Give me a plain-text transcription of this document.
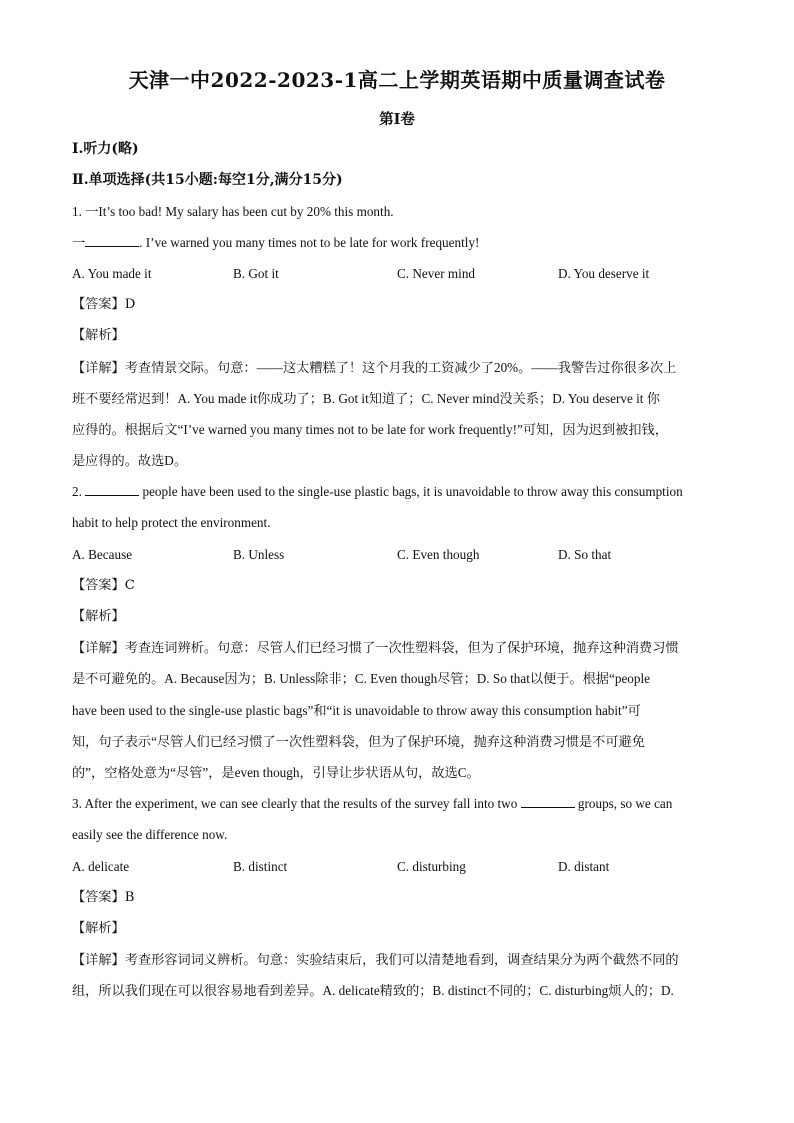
天津一中2022-2023-1高二上学期英语期中质量调查试卷
第I卷
Ⅰ.听力(略)
Ⅱ.单项选择(共15小题:每空1分,满分15分)
1. 一It’s too bad! My salary has been cut by 20% this month.
一	. I’ve warned you many times not to be late for work frequently!
A. You made it	B. Got it	C. Never mind	D. You deserve it
【答案】D
【解析】
【详解】考查情景交际。句意：——这太糟糕了！这个月我的工资减少了20%。——我警告过你很多次上
班不要经常迟到！A. You made it你成功了；B. Got it知道了；C. Never mind没关系；D. You deserve it 你
应得的。根据后文“I’ve warned you many times not to be late for work frequently!”可知，因为迟到被扣钱，
是应得的。故选D。
2.	people have been used to the single-use plastic bags, it is unavoidable to throw away this consumption
habit to help protect the environment.
A. Because	B. Unless	C. Even though	D. So that
【答案】C
【解析】
【详解】考查连词辨析。句意：尽管人们已经习惯了一次性塑料袋，但为了保护环境，抛弃这种消费习惯
是不可避免的。A. Because因为；B. Unless除非；C. Even though尽管；D. So that以便于。根据“people
have been used to the single-use plastic bags”和“it is unavoidable to throw away this consumption habit”可
知，句子表示“尽管人们已经习惯了一次性塑料袋，但为了保护环境，抛弃这种消费习惯是不可避免
的”，空格处意为“尽管”，是even though，引导让步状语从句，故选C。
3. After the experiment, we can see clearly that the results of the survey fall into two	groups, so we can
easily see the difference now.
A. delicate	B. distinct	C. disturbing	D. distant
【答案】B
【解析】
【详解】考查形容词词义辨析。句意：实验结束后，我们可以清楚地看到，调查结果分为两个截然不同的
组，所以我们现在可以很容易地看到差异。A. delicate精致的；B. distinct不同的；C. disturbing烦人的；D.
